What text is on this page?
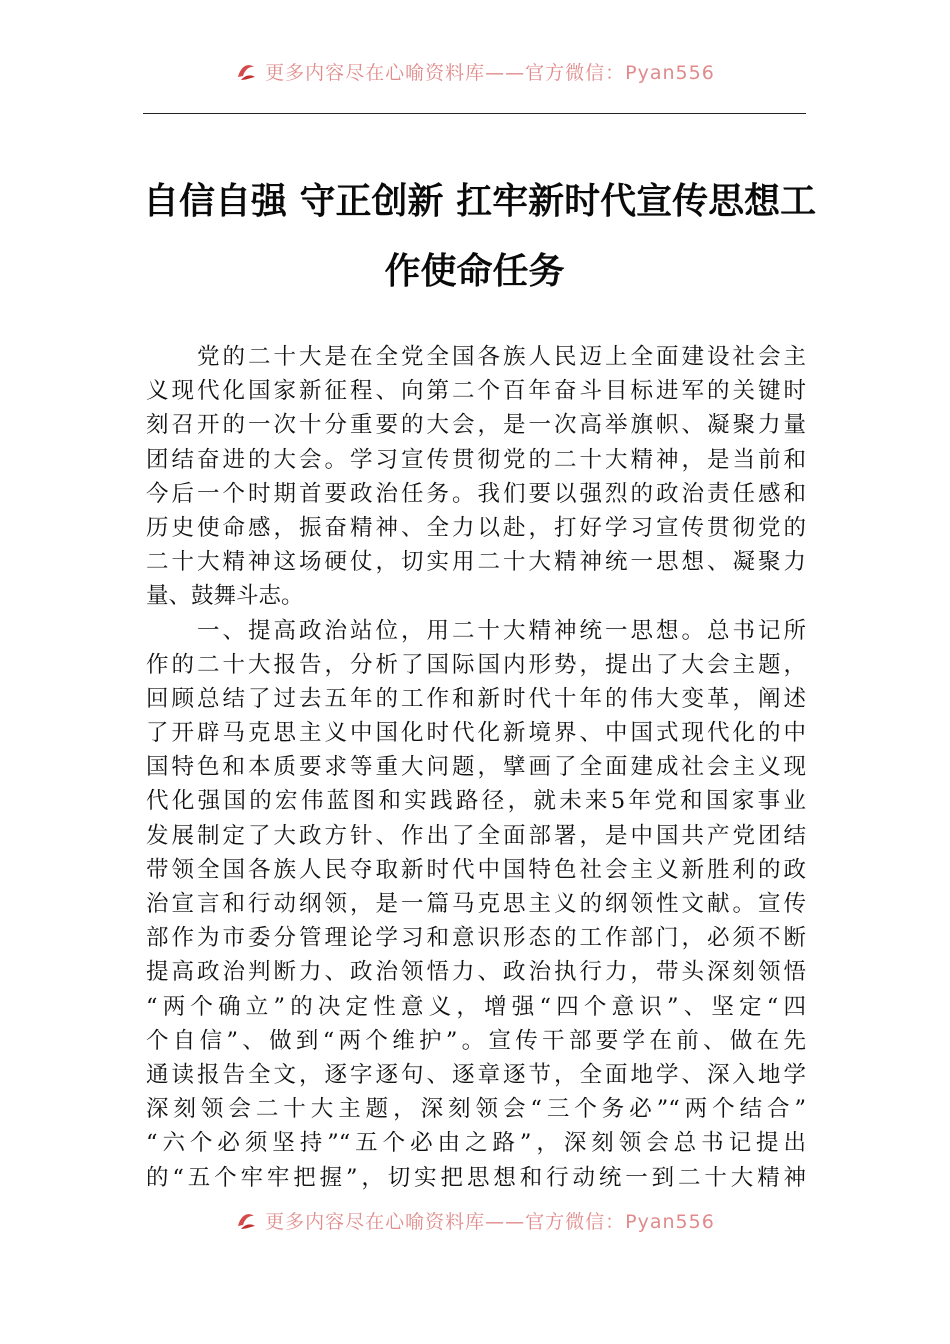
更多内容尽在心喻资料库——官方微信：Pyan556
自信自强 守正创新 扛牢新时代宣传思想工
作使命任务
　　党的二十大是在全党全国各族人民迈上全面建设社会主
义现代化国家新征程、向第二个百年奋斗目标进军的关键时
刻召开的一次十分重要的大会，是一次高举旗帜、凝聚力量
团结奋进的大会。学习宣传贯彻党的二十大精神，是当前和
今后一个时期首要政治任务。我们要以强烈的政治责任感和
历史使命感，振奋精神、全力以赴，打好学习宣传贯彻党的
二十大精神这场硬仗，切实用二十大精神统一思想、凝聚力
量、鼓舞斗志。
　　一、提高政治站位，用二十大精神统一思想。总书记所
作的二十大报告，分析了国际国内形势，提出了大会主题，
回顾总结了过去五年的工作和新时代十年的伟大变革，阐述
了开辟马克思主义中国化时代化新境界、中国式现代化的中
国特色和本质要求等重大问题，擘画了全面建成社会主义现
代化强国的宏伟蓝图和实践路径，就未来5年党和国家事业
发展制定了大政方针、作出了全面部署，是中国共产党团结
带领全国各族人民夺取新时代中国特色社会主义新胜利的政
治宣言和行动纲领，是一篇马克思主义的纲领性文献。宣传
部作为市委分管理论学习和意识形态的工作部门，必须不断
提高政治判断力、政治领悟力、政治执行力，带头深刻领悟
“两个确立”的决定性意义，增强“四个意识”、坚定“四
个自信”、做到“两个维护”。宣传干部要学在前、做在先
通读报告全文，逐字逐句、逐章逐节，全面地学、深入地学
深刻领会二十大主题，深刻领会“三个务必”“两个结合”
“六个必须坚持”“五个必由之路”，深刻领会总书记提出
的“五个牢牢把握”，切实把思想和行动统一到二十大精神
更多内容尽在心喻资料库——官方微信：Pyan556
